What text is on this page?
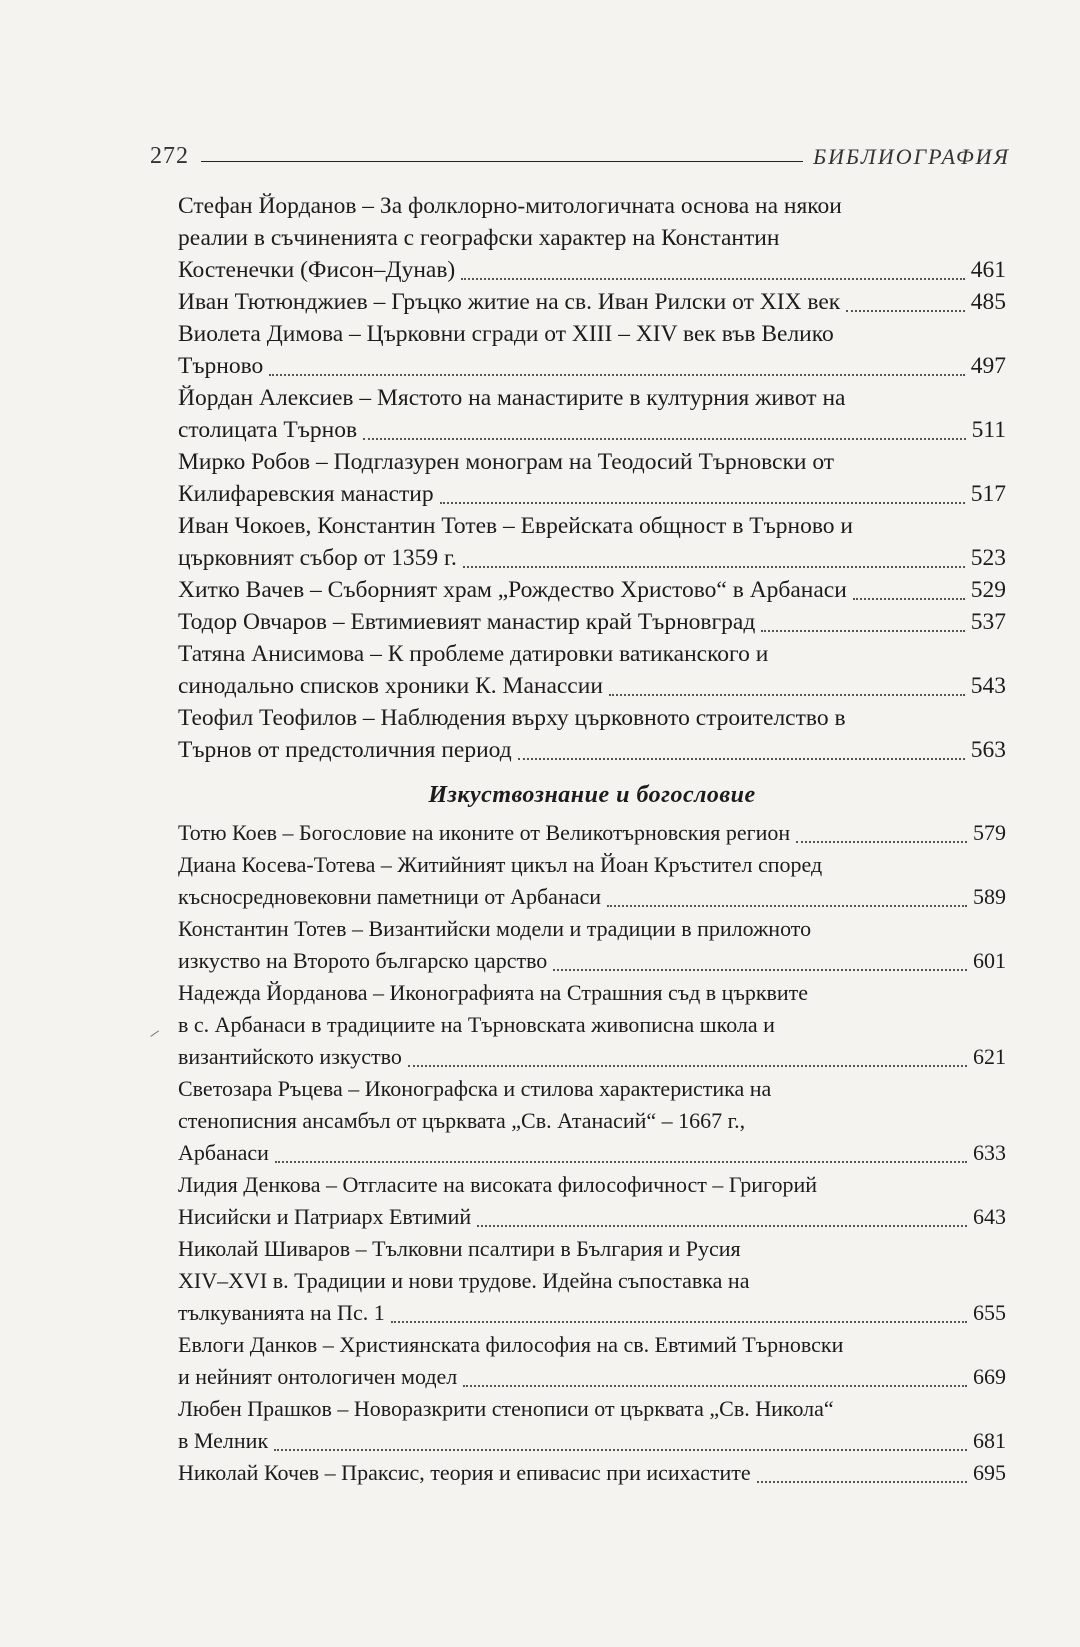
272	БИБЛИОГРАФИЯ
Стефан Йорданов – За фолклорно-митологичната основа на някои
реалии в съчиненията с географски характер на Константин
Костенечки (Фисон–Дунав)	461
Иван Тютюнджиев – Гръцко житие на св. Иван Рилски от XIX век	485
Виолета Димова – Църковни сгради от XIII – XIV век във Велико
Търново	497
Йордан Алексиев – Мястото на манастирите в културния живот на
столицата Търнов	511
Мирко Робов – Подглазурен монограм на Теодосий Търновски от
Килифаревския манастир	517
Иван Чокоев, Константин Тотев – Еврейската общност в Търново и
църковният събор от 1359 г.	523
Хитко Вачев – Съборният храм „Рождество Христово“ в Арбанаси	529
Тодор Овчаров – Евтимиевият манастир край Търновград	537
Татяна Анисимова – К проблеме датировки ватиканского и
синодально списков хроники К. Манассии	543
Теофил Теофилов – Наблюдения върху църковното строителство в
Търнов от предстоличния период	563
Изкуствознание и богословие
Тотю Коев – Богословие на иконите от Великотърновския регион	579
Диана Косева-Тотева – Житийният цикъл на Йоан Кръстител според
къснoсредновековни паметници от Арбанаси	589
Константин Тотев – Византийски модели и традиции в приложното
изкуство на Второто българско царство	601
Надежда Йорданова – Иконографията на Страшния съд в църквите
в с. Арбанаси в традициите на Търновската живописна школа и
византийското изкуство	621
Светозара Ръцева – Иконографска и стилова характеристика на
стенописния ансамбъл от църквата „Св. Атанасий“ – 1667 г.,
Арбанаси	633
Лидия Денкова – Отгласите на високата философичност – Григорий
Нисийски и Патриарх Евтимий	643
Николай Шиваров – Тълковни псалтири в България и Русия
XIV–XVI в. Традиции и нови трудове. Идейна съпоставка на
тълкуванията на Пс. 1	655
Евлоги Данков – Християнската философия на св. Евтимий Търновски
и нейният онтологичен модел	669
Любен Прашков – Новоразкрити стенописи от църквата „Св. Никола“
в Мелник	681
Николай Кочев – Праксис, теория и епивасис при исихастите	695
